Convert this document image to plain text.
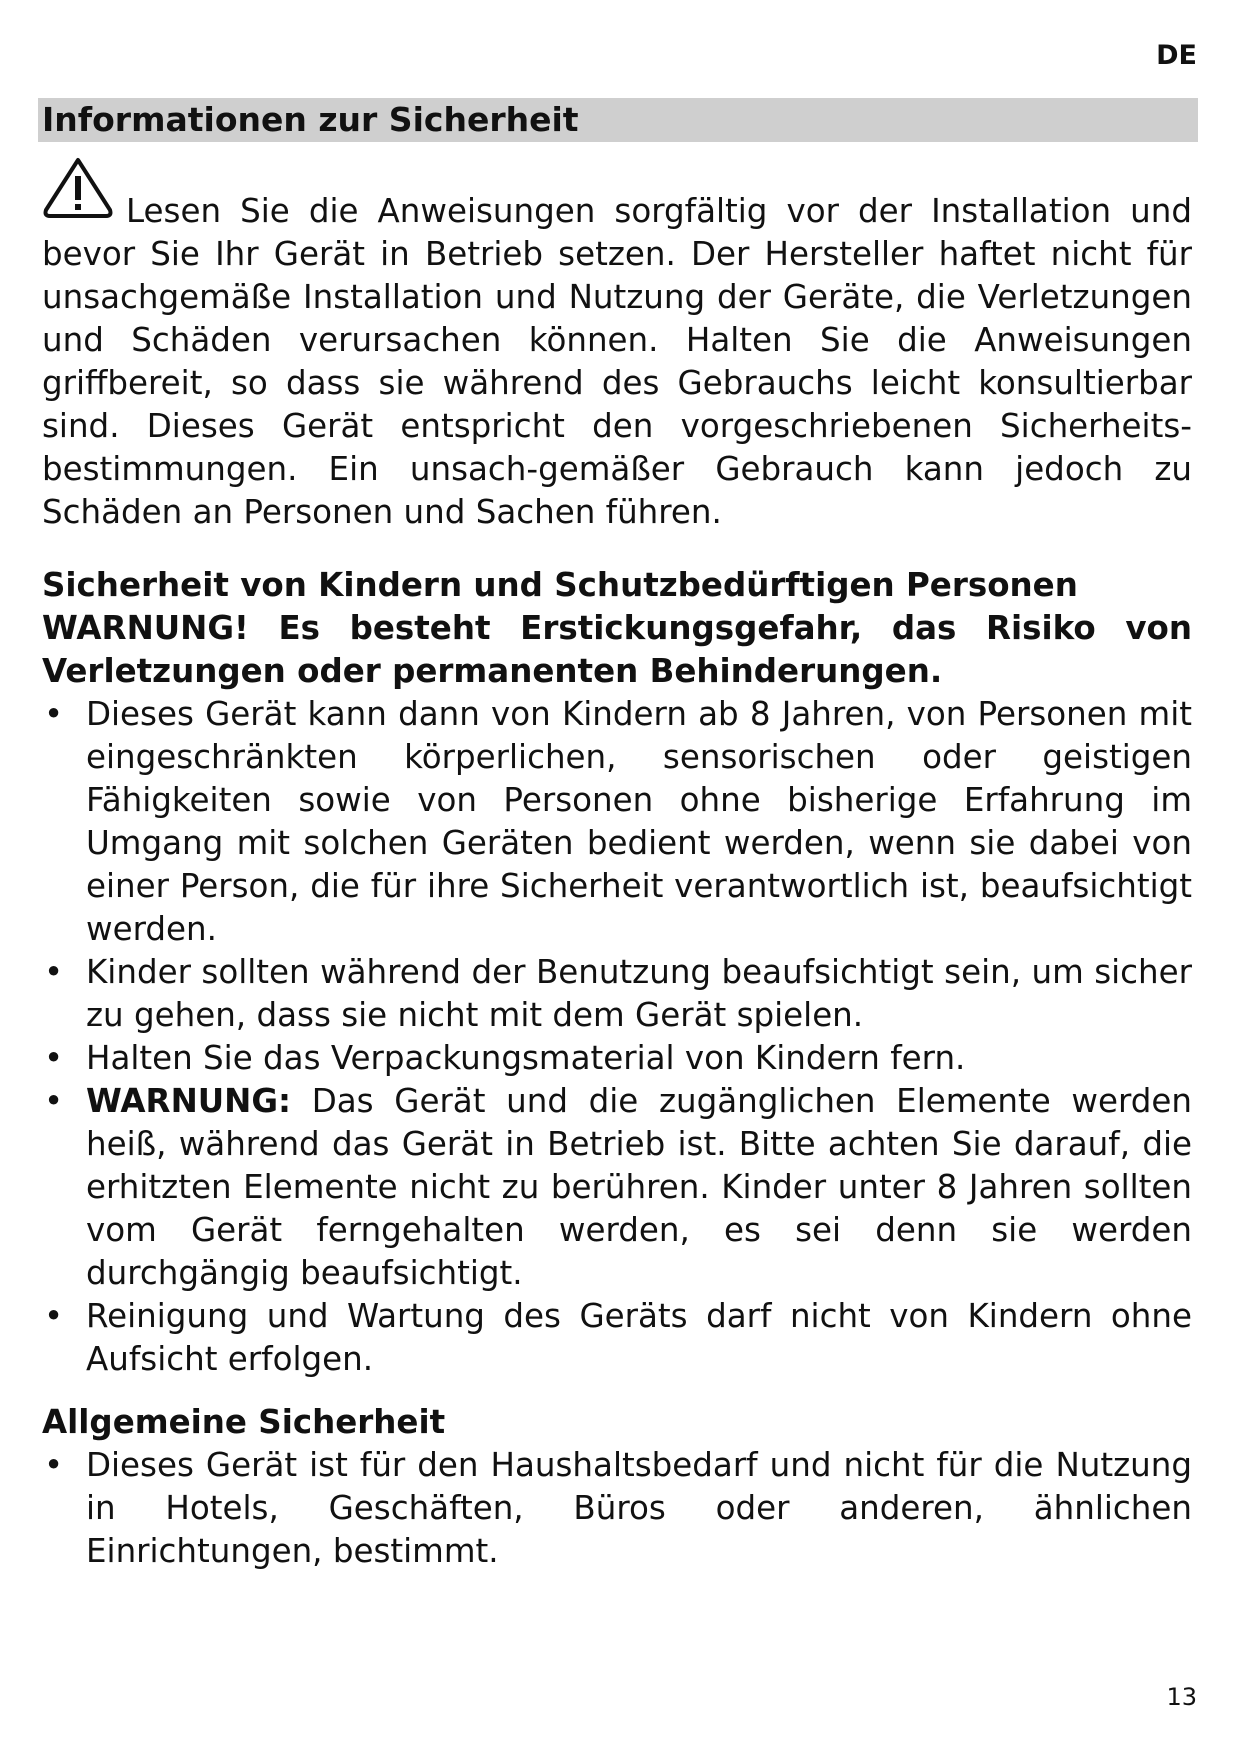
DE
Informationen zur Sicherheit

Lesen Sie die Anweisungen sorgfältig vor der Installation und bevor Sie Ihr Gerät in Betrieb setzen. Der Hersteller haftet nicht für unsachgemäße Installation und Nutzung der Geräte, die Verletzungen und Schäden verursachen können. Halten Sie die Anweisungen griffbereit, so dass sie während des Gebrauchs leicht konsultierbar sind. Dieses Gerät entspricht den vorgeschriebenen Sicherheits-bestimmungen. Ein unsach-gemäßer Gebrauch kann jedoch zu Schäden an Personen und Sachen führen.

Sicherheit von Kindern und Schutzbedürftigen Personen

WARNUNG! Es besteht Erstickungsgefahr, das Risiko von Verletzungen oder permanenten Behinderungen.

• Dieses Gerät kann dann von Kindern ab 8 Jahren, von Personen mit eingeschränkten körperlichen, sensorischen oder geistigen Fähigkeiten sowie von Personen ohne bisherige Erfahrung im Umgang mit solchen Geräten bedient werden, wenn sie dabei von einer Person, die für ihre Sicherheit verantwortlich ist, beaufsichtigt werden.
• Kinder sollten während der Benutzung beaufsichtigt sein, um sicher zu gehen, dass sie nicht mit dem Gerät spielen.
• Halten Sie das Verpackungsmaterial von Kindern fern.
• WARNUNG: Das Gerät und die zugänglichen Elemente werden heiß, während das Gerät in Betrieb ist. Bitte achten Sie darauf, die erhitzten Elemente nicht zu berühren. Kinder unter 8 Jahren sollten vom Gerät ferngehalten werden, es sei denn sie werden durchgängig beaufsichtigt.
• Reinigung und Wartung des Geräts darf nicht von Kindern ohne Aufsicht erfolgen.

Allgemeine Sicherheit

• Dieses Gerät ist für den Haushaltsbedarf und nicht für die Nutzung in Hotels, Geschäften, Büros oder anderen, ähnlichen Einrichtungen, bestimmt.
13
